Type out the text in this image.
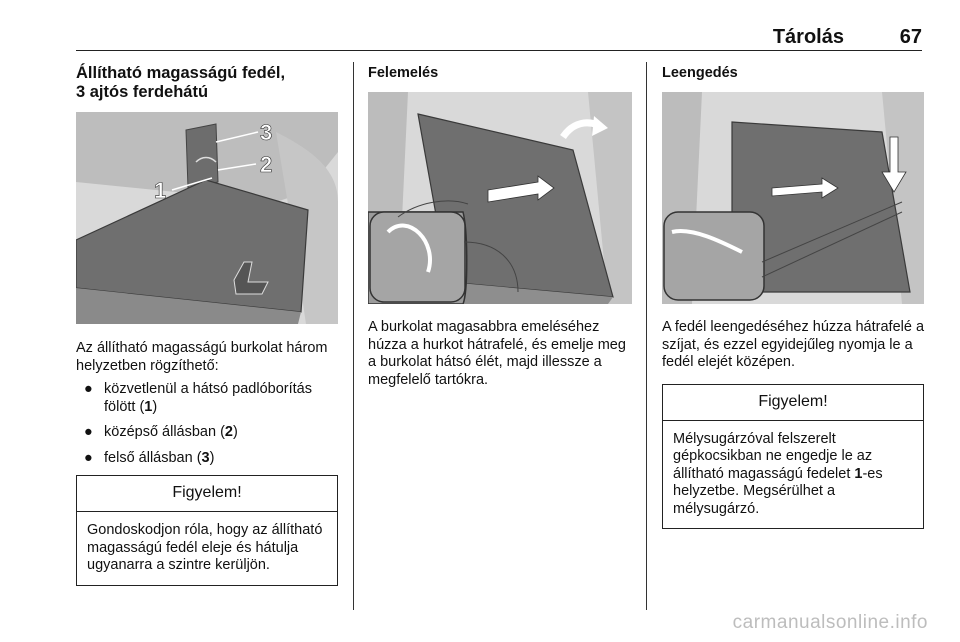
Tárolás	67
Állítható magasságú fedél,
3 ajtós ferdehátú
1
2
3

Az állítható magasságú burkolat három helyzetben rögzíthető:

● közvetlenül a hátsó padlóborítás fölött (1)
● középső állásban (2)
● felső állásban (3)
Figyelem!
Gondoskodjon róla, hogy az állítható magasságú fedél eleje és hátulja ugyanarra a szintre kerüljön.
Felemelés

A burkolat magasabbra emeléséhez húzza a hurkot hátrafelé, és emelje meg a burkolat hátsó élét, majd illessze a megfelelő tartókra.

Leengedés

A fedél leengedéséhez húzza hátrafelé a szíjat, és ezzel egyidejűleg nyomja le a fedél elejét középen.

Figyelem!
Mélysugárzóval felszerelt gépkocsikban ne engedje le az állítható magasságú fedelet 1-es helyzetbe. Megsérülhet a mélysugárzó.
carmanualsonline.info
